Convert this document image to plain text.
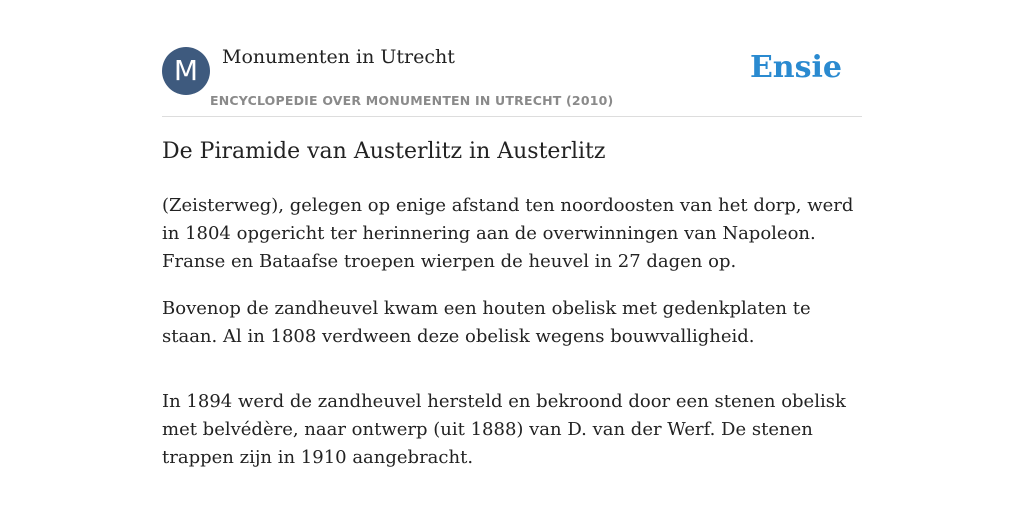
M	Monumenten in Utrecht
ENCYCLOPEDIE OVER MONUMENTEN IN UTRECHT (2010)
Ensie
De Piramide van Austerlitz in Austerlitz

(Zeisterweg), gelegen op enige afstand ten noordoosten van het dorp, werd in 1804 opgericht ter herinnering aan de overwinningen van Napoleon. Franse en Bataafse troepen wierpen de heuvel in 27 dagen op.

Bovenop de zandheuvel kwam een houten obelisk met gedenkplaten te staan. Al in 1808 verdween deze obelisk wegens bouwvalligheid.

In 1894 werd de zandheuvel hersteld en bekroond door een stenen obelisk met belvédère, naar ontwerp (uit 1888) van D. van der Werf. De stenen trappen zijn in 1910 aangebracht.
